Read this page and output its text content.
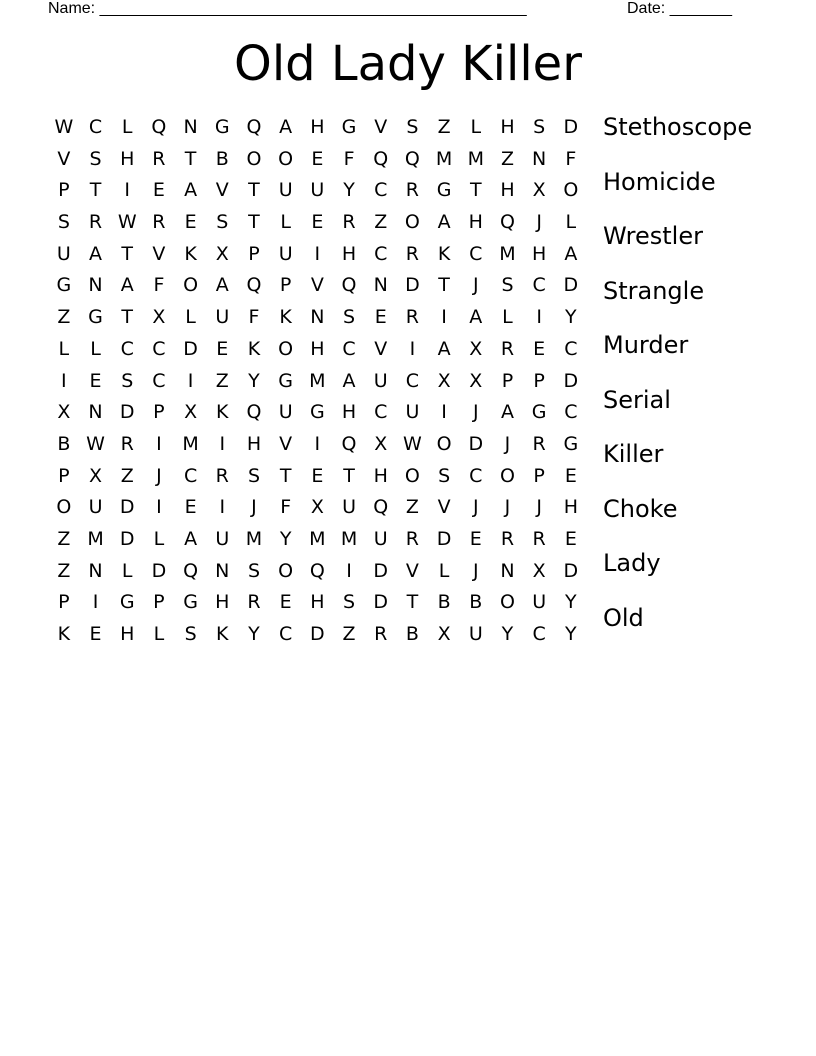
Name: ________________________________________________	Date: _______
Old Lady Killer
W C	L Q N G Q A H G V	S	Z	L	H S D
V	S H R	T	B O O E	F Q Q M M Z N	F
P	T	I	E	A V	T U U Y	C R G T H X O
S	R W R	E	S	T	L	E	R Z O A H Q	J	L
U A	T	V K X	P U	I	H C R K C M H A
G N A	F O A Q P	V Q N D T	J	S	C D
Z G T	X	L	U	F	K N S	E	R	I	A	L	I	Y
L	L	C C D E	K O H C V	I	A X R	E	C
I	E	S	C	I	Z	Y G M A U C X X	P	P D
X N D P	X K Q U G H C U	I	J	A G C
B W R	I	M	I	H V	I	Q X W O D	J	R G
P	X Z	J	C R	S	T	E	T H O S	C O P	E
O U D	I	E	I	J	F	X U Q Z V	J	J	J	H
Z M D	L	A U M Y M M U R D E	R R	E
Z N	L	D Q N S O Q	I	D V	L	J	N X D
P	I	G P G H R	E H S D T	B B O U Y
K	E H	L	S	K	Y	C D Z R B X U Y	C	Y
Stethoscope
Homicide
Wrestler
Strangle
Murder
Serial
Killer
Choke
Lady
Old
